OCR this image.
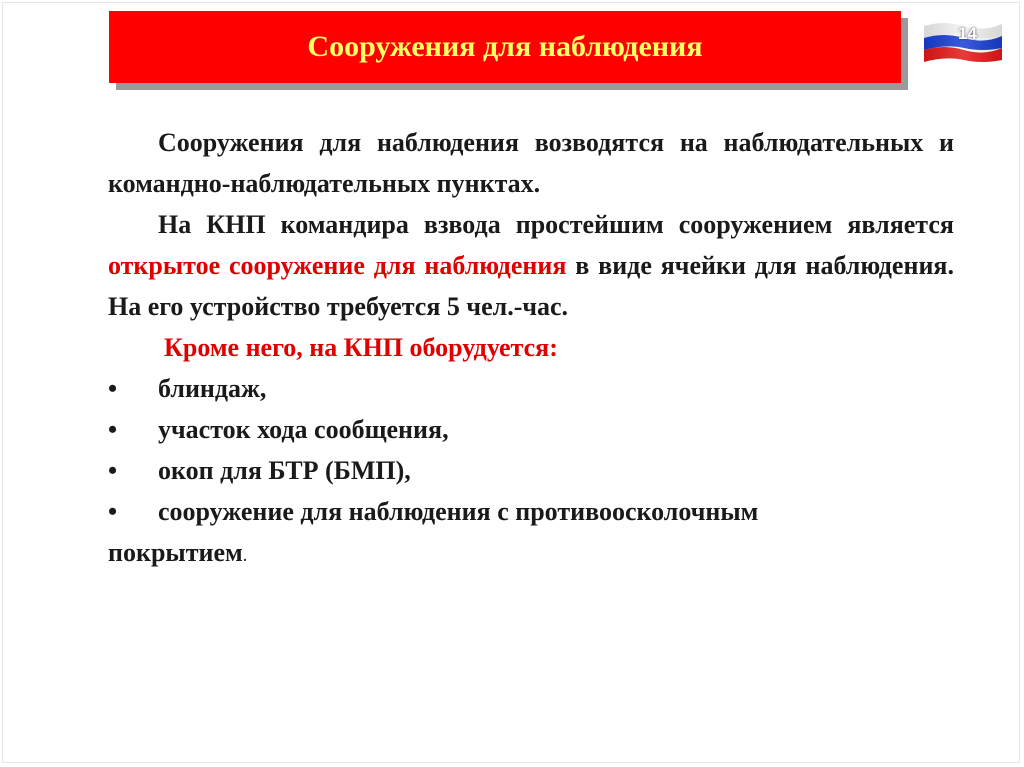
Сооружения для наблюдения	14

Сооружения для наблюдения возводятся на наблюдательных и командно-наблюдательных пунктах.

На КНП командира взвода простейшим сооружением является открытое сооружение для наблюдения в виде ячейки для наблюдения. На его устройство требуется 5 чел.-час.

Кроме него, на КНП оборудуется:

•	блиндаж,

•	участок хода сообщения,

•	окоп для БТР (БМП),

•	сооружение для наблюдения с противоосколочным

покрытием.
